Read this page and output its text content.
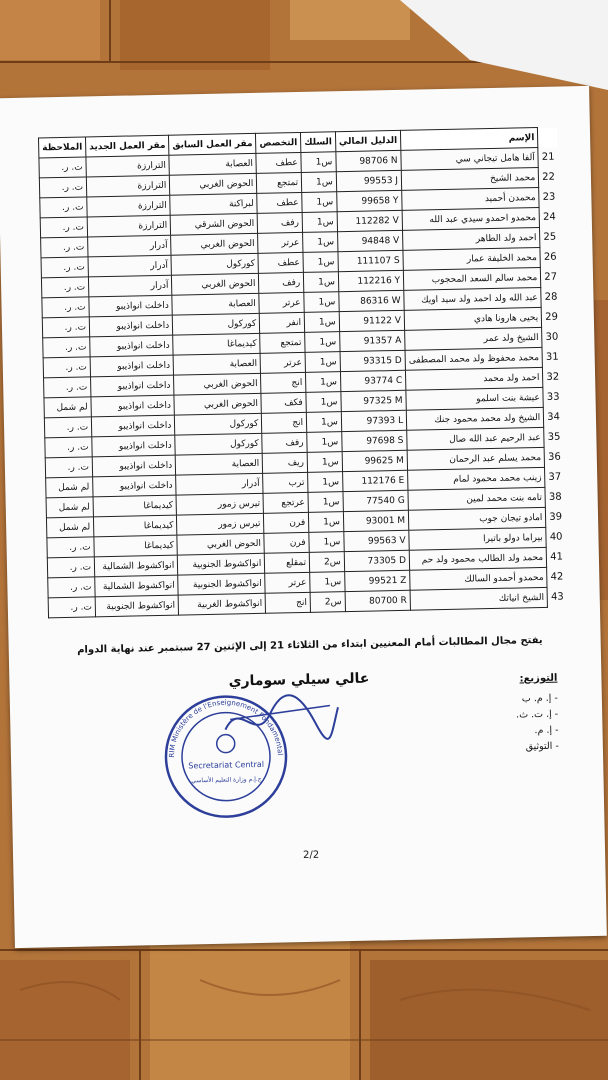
	الإسم	الدليل المالي	السلك	التخصص	مقر العمل السابق	مقر العمل الجديد	الملاحظة
21	آلفا هامل تيجاني سي	98706 N	س1	عطف	العصابة	الترارزة	ت. ر.
22	محمد الشيخ	99553 J	س1	تمتجع	الحوض الغربي	الترارزة	ت. ر.
23	محمدن أحميد	99658 Y	س1	عطف	لبراكنة	الترارزة	ت. ر.
24	محمدو احمدو سيدي عبد الله	112282 V	س1	رفف	الحوض الشرقي	الترارزة	ت. ر.
25	احمد ولد الطاهر	94848 V	س1	عرتر	الحوض الغربي	آدرار	ت. ر.
26	محمد الخليفة عمار	111107 S	س1	عطف	كوركول	آدرار	ت. ر.
27	محمد سالم السعد المحجوب	112216 Y	س1	رفف	الحوض الغربي	آدرار	ت. ر.
28	عبد الله ولد احمد ولد سيد اويك	86316 W	س1	عرتر	العصابة	داخلت انواذيبو	ت. ر.
29	يحيى هارونا هادي	91122 V	س1	انفر	كوركول	داخلت انواذيبو	ت. ر.
30	الشيخ ولد عمر	91357 A	س1	تمتجع	كيديماغا	داخلت انواذيبو	ت. ر.
31	محمد محفوظ ولد محمد المصطفى	93315 D	س1	عرتر	العصابة	داخلت انواذيبو	ت. ر.
32	احمد ولد محمد	93774 C	س1	انج	الحوض الغربي	داخلت انواذيبو	ت. ر.
33	عيشة بنت اسلمو	97325 M	س1	فكف	الحوض الغربي	داخلت انواذيبو	لم شمل
34	الشيخ ولد محمد محمود جنك	97393 L	س1	انج	كوركول	داخلت انواذيبو	ت. ر.
35	عبد الرحيم عبد الله صال	97698 S	س1	رفف	كوركول	داخلت انواذيبو	ت. ر.
36	محمد يسلم عبد الرحمان	99625 M	س1	ريف	العصابة	داخلت انواذيبو	ت. ر.
37	زينب محمد محمود لمام	112176 E	س1	ترب	آدرار	داخلت انواذيبو	لم شمل
38	تامه بنت محمد لمين	77540 G	س1	عرتجع	تيرس زمور	كيديماغا	لم شمل
39	امادو تيجان جوب	93001 M	س1	فرن	تيرس زمور	كيديماغا	لم شمل
40	بيراما دولو باتيرا	99563 V	س1	فرن	الحوض الغربي	كيديماغا	ت. ر.
41	محمد ولد الطالب محمود ولد حم	73305 D	س2	تمقلع	انواكشوط الجنوبية	انواكشوط الشمالية	ت. ر.
42	محمدو أحمدو السالك	99521 Z	س1	عرتر	انواكشوط الجنوبية	انواكشوط الشمالية	ت. ر.
43	الشيخ انياتك	80700 R	س2	انج	انواكشوط الغربية	انواكشوط الجنوبية	ت. ر.
يفتح مجال المطالبات أمام المعنيين ابتداء من الثلاثاء 21 إلى الإثنين 27 سبتمبر عند نهاية الدوام
عالي سيلي سوماري	التوزيع:
- إ. م. ب
- إ. ت. ث.
- إ. م.
- التوثيق
RIM Ministère de l'Enseignement Fondamental
Secretariat Central
ج.إ.م وزارة التعليم الأساسي
2/2
